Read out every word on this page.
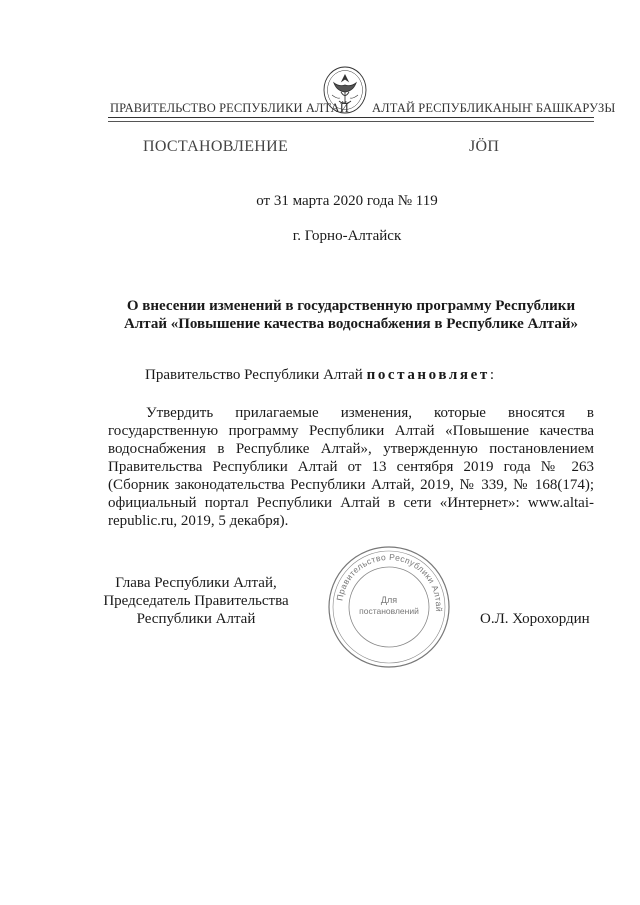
ПРАВИТЕЛЬСТВО РЕСПУБЛИКИ АЛТАЙ АЛТАЙ РЕСПУБЛИКАНЫҤ БАШКАРУЗЫ
ПОСТАНОВЛЕНИЕ	ЈӦП
от 31 марта 2020 года № 119
г. Горно-Алтайск
О внесении изменений в государственную программу Республики Алтай «Повышение качества водоснабжения в Республике Алтай»
Правительство Республики Алтай постановляет:
Утвердить прилагаемые изменения, которые вносятся в государственную программу Республики Алтай «Повышение качества водоснабжения в Республике Алтай», утвержденную постановлением Правительства Республики Алтай от 13 сентября 2019 года № 263 (Сборник законодательства Республики Алтай, 2019, № 339, № 168(174); официальный портал Республики Алтай в сети «Интернет»: www.altai-republic.ru, 2019, 5 декабря).
Глава Республики Алтай,
Председатель Правительства
Республики Алтай	О.Л. Хорохордин
Правительство Республики Алтай
Для
постановлений
